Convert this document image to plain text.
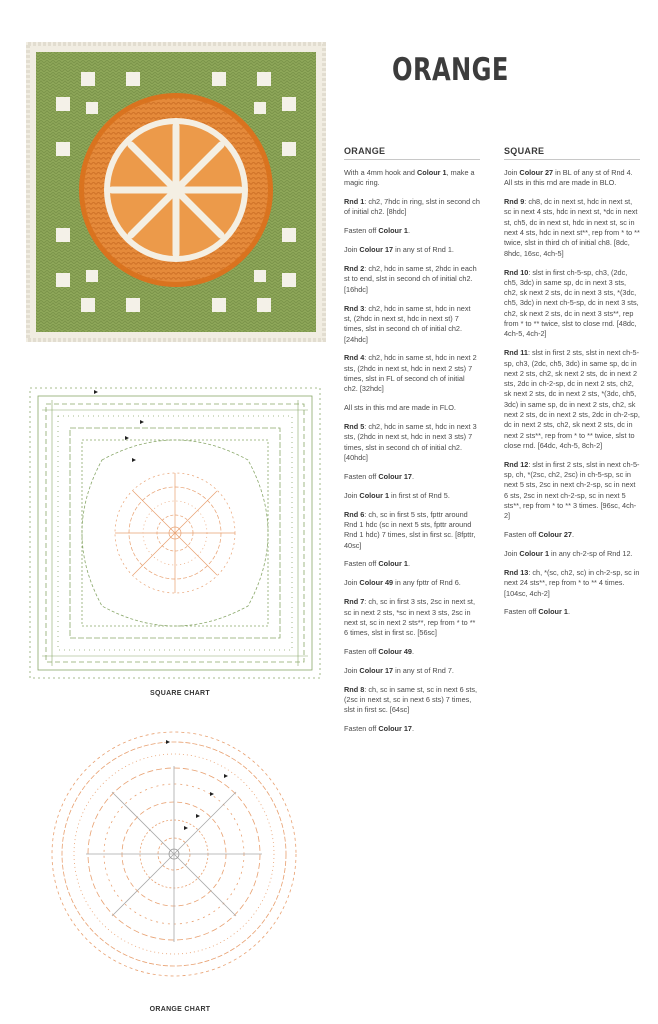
SQUARE CHART
ORANGE CHART
ORANGE
ORANGE

With a 4mm hook and Colour 1, make a magic ring.

Rnd 1: ch2, 7hdc in ring, slst in second ch of initial ch2. [8hdc]

Fasten off Colour 1.

Join Colour 17 in any st of Rnd 1.

Rnd 2: ch2, hdc in same st, 2hdc in each st to end, slst in second ch of initial ch2. [16hdc]

Rnd 3: ch2, hdc in same st, hdc in next st, (2hdc in next st, hdc in next st) 7 times, slst in second ch of initial ch2. [24hdc]

Rnd 4: ch2, hdc in same st, hdc in next 2 sts, (2hdc in next st, hdc in next 2 sts) 7 times, slst in FL of second ch of initial ch2. [32hdc]

All sts in this rnd are made in FLO.

Rnd 5: ch2, hdc in same st, hdc in next 3 sts, (2hdc in next st, hdc in next 3 sts) 7 times, slst in second ch of initial ch2. [40hdc]

Fasten off Colour 17.

Join Colour 1 in first st of Rnd 5.

Rnd 6: ch, sc in first 5 sts, fpttr around Rnd 1 hdc (sc in next 5 sts, fpttr around Rnd 1 hdc) 7 times, slst in first sc. [8fpttr, 40sc]

Fasten off Colour 1.

Join Colour 49 in any fpttr of Rnd 6.

Rnd 7: ch, sc in first 3 sts, 2sc in next st, sc in next 2 sts, *sc in next 3 sts, 2sc in next st, sc in next 2 sts**, rep from * to ** 6 times, slst in first sc. [56sc]

Fasten off Colour 49.

Join Colour 17 in any st of Rnd 7.

Rnd 8: ch, sc in same st, sc in next 6 sts, (2sc in next st, sc in next 6 sts) 7 times, slst in first sc. [64sc]

Fasten off Colour 17.

SQUARE

Join Colour 27 in BL of any st of Rnd 4. All sts in this rnd are made in BLO.

Rnd 9: ch8, dc in next st, hdc in next st, sc in next 4 sts, hdc in next st, *dc in next st, ch5, dc in next st, hdc in next st, sc in next 4 sts, hdc in next st**, rep from * to ** twice, slst in third ch of initial ch8. [8dc, 8hdc, 16sc, 4ch-5]

Rnd 10: slst in first ch-5-sp, ch3, (2dc, ch5, 3dc) in same sp, dc in next 3 sts, ch2, sk next 2 sts, dc in next 3 sts, *(3dc, ch5, 3dc) in next ch-5-sp, dc in next 3 sts, ch2, sk next 2 sts, dc in next 3 sts**, rep from * to ** twice, slst to close rnd. [48dc, 4ch-5, 4ch-2]

Rnd 11: slst in first 2 sts, slst in next ch-5-sp, ch3, (2dc, ch5, 3dc) in same sp, dc in next 2 sts, ch2, sk next 2 sts, dc in next 2 sts, 2dc in ch-2-sp, dc in next 2 sts, ch2, sk next 2 sts, dc in next 2 sts, *(3dc, ch5, 3dc) in same sp, dc in next 2 sts, ch2, sk next 2 sts, dc in next 2 sts, 2dc in ch-2-sp, dc in next 2 sts, ch2, sk next 2 sts, dc in next 2 sts**, rep from * to ** twice, slst to close rnd. [64dc, 4ch-5, 8ch-2]

Rnd 12: slst in first 2 sts, slst in next ch-5-sp, ch, *(2sc, ch2, 2sc) in ch-5-sp, sc in next 5 sts, 2sc in next ch-2-sp, sc in next 6 sts, 2sc in next ch-2-sp, sc in next 5 sts**, rep from * to ** 3 times. [96sc, 4ch-2]

Fasten off Colour 27.

Join Colour 1 in any ch-2-sp of Rnd 12.

Rnd 13: ch, *(sc, ch2, sc) in ch-2-sp, sc in next 24 sts**, rep from * to ** 4 times. [104sc, 4ch-2]

Fasten off Colour 1.
